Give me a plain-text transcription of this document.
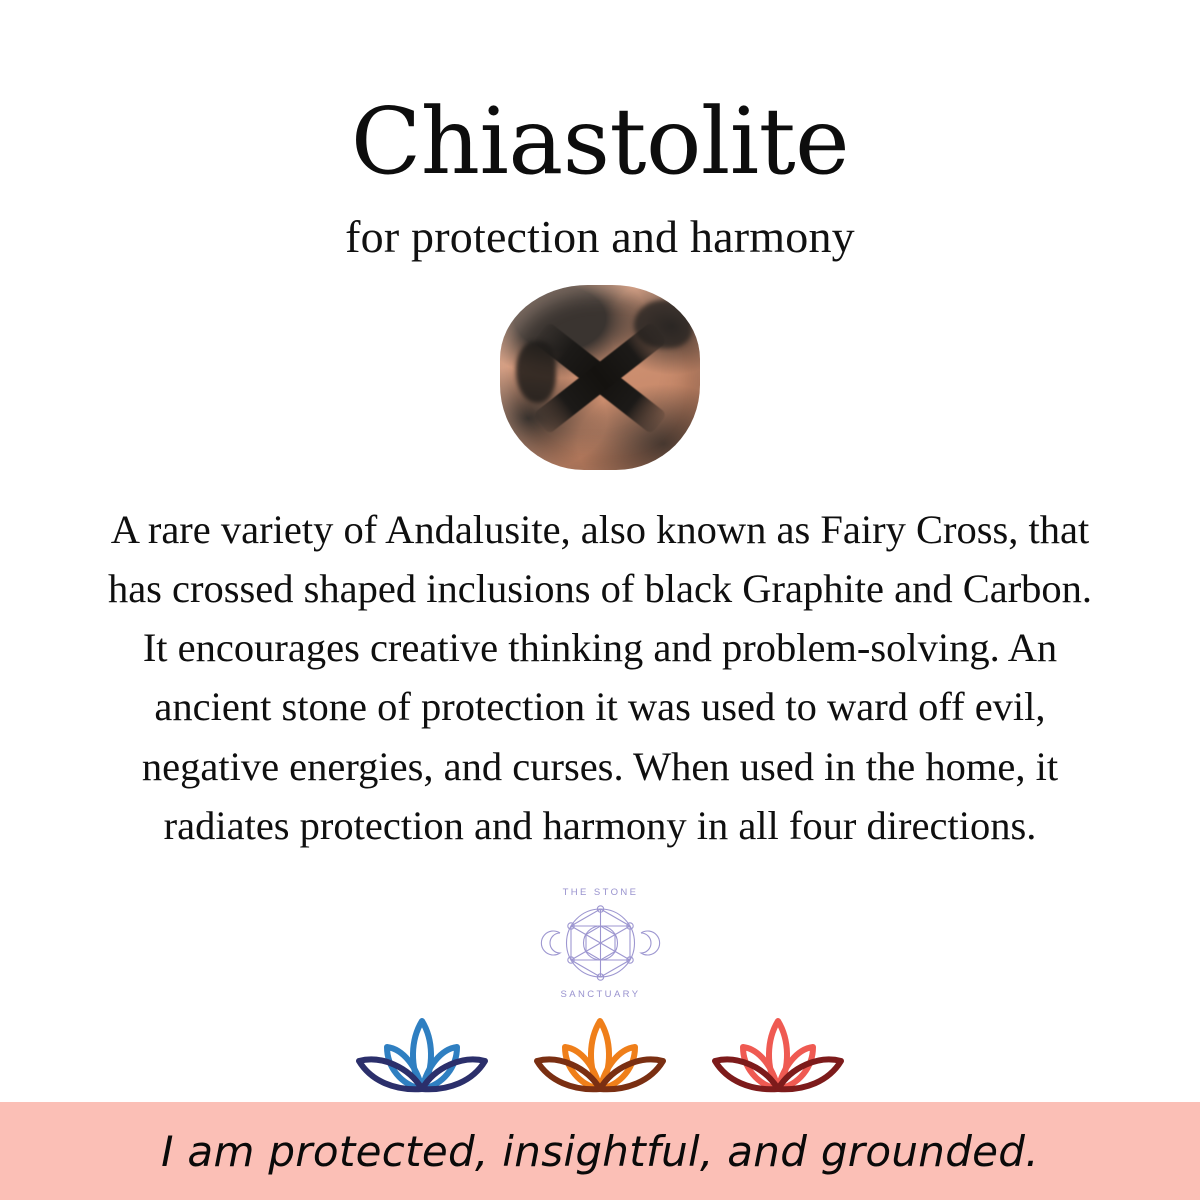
Chiastolite
for protection and harmony
A rare variety of Andalusite, also known as Fairy Cross, that has crossed shaped inclusions of black Graphite and Carbon. It encourages creative thinking and problem-solving. An ancient stone of protection it was used to ward off evil, negative energies, and curses. When used in the home, it radiates protection and harmony in all four directions.
THE STONE
SANCTUARY
I am protected, insightful, and grounded.
